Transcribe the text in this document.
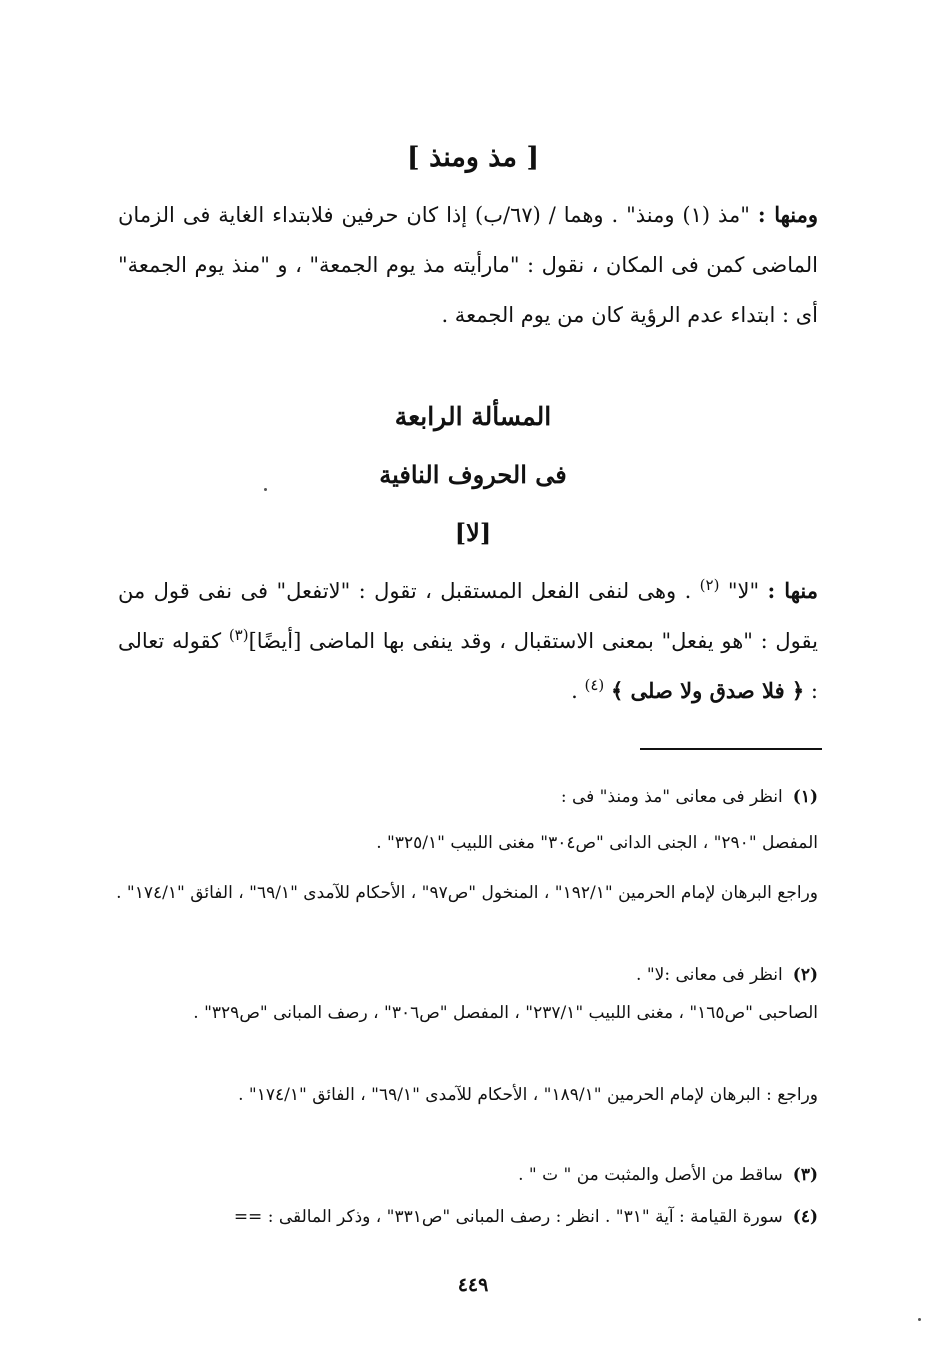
[ مذ ومنذ ]
ومنها : "مذ (١) ومنذ" . وهما / (٦٧/ب) إذا كان حرفين فلابتداء الغاية فى الزمان الماضى كمن فى المكان ، نقول : "مارأيته مذ يوم الجمعة" ، و "منذ يوم الجمعة" أى : ابتداء عدم الرؤية كان من يوم الجمعة .
المسألة الرابعة
فى الحروف النافية
[لا]
منها : "لا" $^{(٢)}$ . وهى لنفى الفعل المستقبل ، تقول : "لاتفعل" فى نفى قول من يقول : "هو يفعل" بمعنى الاستقبال ، وقد ينفى بها الماضى [أيضًا]$^{(٣)}$ كقوله تعالى : ﴿ فلا صدق ولا صلى ﴾ $^{(٤)}$ .
(١)انظر فى معانى "مذ ومنذ" فى :
المفصل "٢٩٠" ، الجنى الدانى "ص٣٠٤" مغنى اللبيب "٣٢٥/١" .
وراجع البرهان لإمام الحرمين "١٩٢/١" ، المنخول "ص٩٧" ، الأحكام للآمدى "٦٩/١" ، الفائق "١٧٤/١" .
(٢)انظر فى معانى :لا" .
الصاحبى "ص١٦٥" ، مغنى اللبيب "٢٣٧/١" ، المفصل "ص٣٠٦" ، رصف المبانى "ص٣٢٩" .
وراجع : البرهان لإمام الحرمين "١٨٩/١" ، الأحكام للآمدى "٦٩/١" ، الفائق "١٧٤/١" .
(٣)ساقط من الأصل والمثبت من " ت " .
(٤)سورة القيامة : آية "٣١" . انظر : رصف المبانى "ص٣٣١" ، وذكر المالقى : ==
٤٤٩
